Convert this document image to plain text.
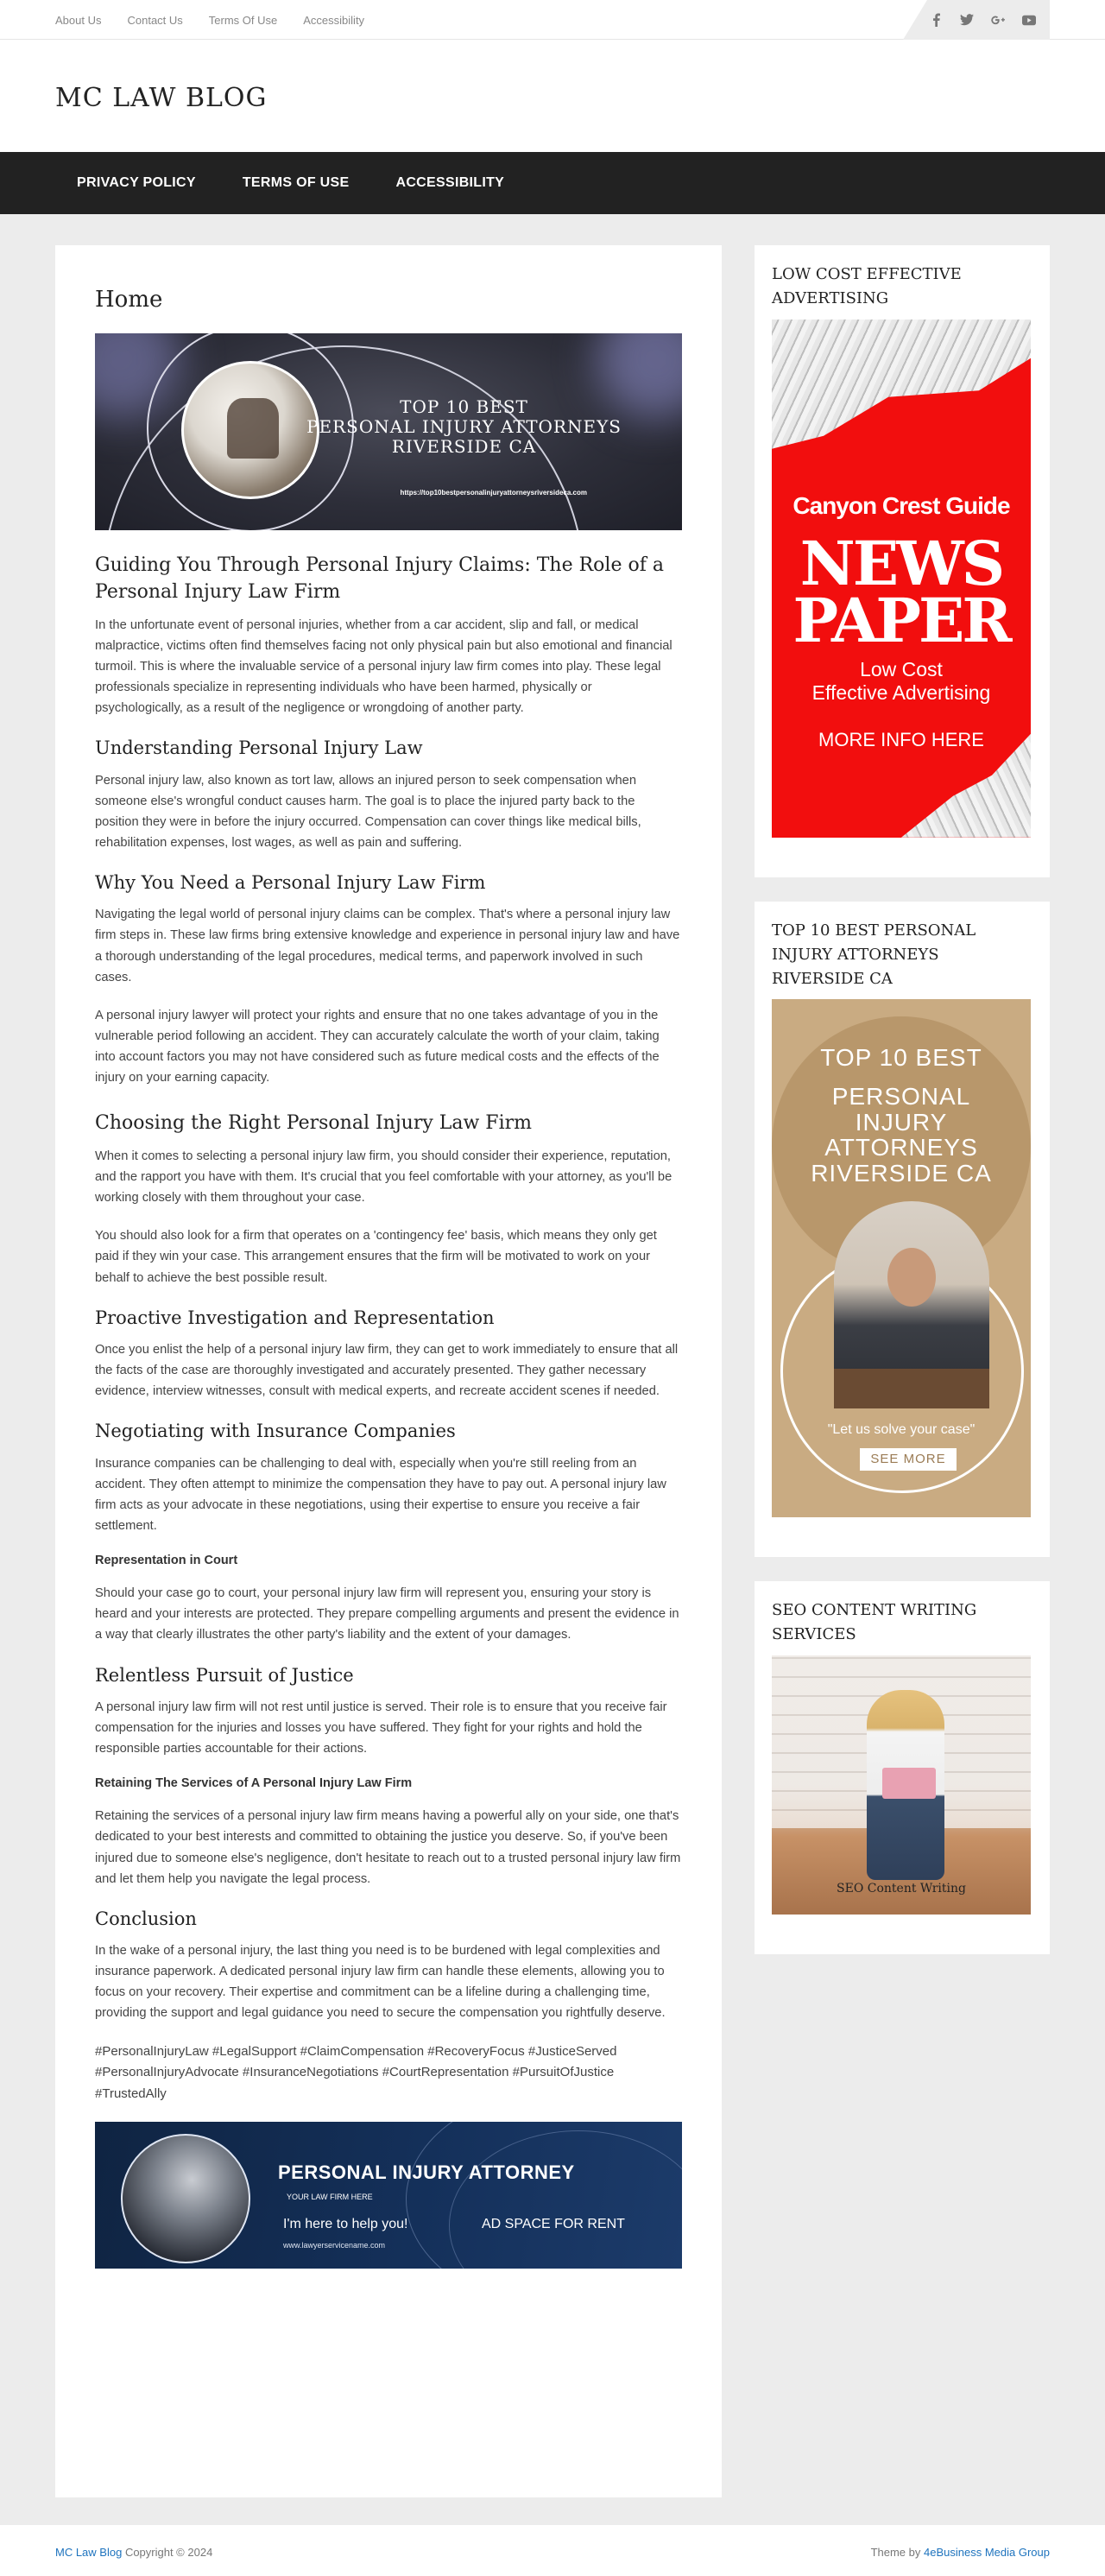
About Us Contact Us Terms Of Use Accessibility
MC LAW BLOG
PRIVACY POLICY	TERMS OF USE	ACCESSIBILITY
Home
TOP 10 BEST
PERSONAL INJURY ATTORNEYS
RIVERSIDE CA
https://top10bestpersonalinjuryattorneysriversideca.com
Guiding You Through Personal Injury Claims: The Role of a Personal Injury Law Firm

In the unfortunate event of personal injuries, whether from a car accident, slip and fall, or medical malpractice, victims often find themselves facing not only physical pain but also emotional and financial turmoil. This is where the invaluable service of a personal injury law firm comes into play. These legal professionals specialize in representing individuals who have been harmed, physically or psychologically, as a result of the negligence or wrongdoing of another party.

Understanding Personal Injury Law

Personal injury law, also known as tort law, allows an injured person to seek compensation when someone else's wrongful conduct causes harm. The goal is to place the injured party back to the position they were in before the injury occurred. Compensation can cover things like medical bills, rehabilitation expenses, lost wages, as well as pain and suffering.

Why You Need a Personal Injury Law Firm

Navigating the legal world of personal injury claims can be complex. That's where a personal injury law firm steps in. These law firms bring extensive knowledge and experience in personal injury law and have a thorough understanding of the legal procedures, medical terms, and paperwork involved in such cases.

A personal injury lawyer will protect your rights and ensure that no one takes advantage of you in the vulnerable period following an accident. They can accurately calculate the worth of your claim, taking into account factors you may not have considered such as future medical costs and the effects of the injury on your earning capacity.

Choosing the Right Personal Injury Law Firm

When it comes to selecting a personal injury law firm, you should consider their experience, reputation, and the rapport you have with them. It's crucial that you feel comfortable with your attorney, as you'll be working closely with them throughout your case.

You should also look for a firm that operates on a 'contingency fee' basis, which means they only get paid if they win your case. This arrangement ensures that the firm will be motivated to work on your behalf to achieve the best possible result.

Proactive Investigation and Representation

Once you enlist the help of a personal injury law firm, they can get to work immediately to ensure that all the facts of the case are thoroughly investigated and accurately presented. They gather necessary evidence, interview witnesses, consult with medical experts, and recreate accident scenes if needed.

Negotiating with Insurance Companies

Insurance companies can be challenging to deal with, especially when you're still reeling from an accident. They often attempt to minimize the compensation they have to pay out. A personal injury law firm acts as your advocate in these negotiations, using their expertise to ensure you receive a fair settlement.

Representation in Court

Should your case go to court, your personal injury law firm will represent you, ensuring your story is heard and your interests are protected. They prepare compelling arguments and present the evidence in a way that clearly illustrates the other party's liability and the extent of your damages.

Relentless Pursuit of Justice

A personal injury law firm will not rest until justice is served. Their role is to ensure that you receive fair compensation for the injuries and losses you have suffered. They fight for your rights and hold the responsible parties accountable for their actions.

Retaining The Services of A Personal Injury Law Firm

Retaining the services of a personal injury law firm means having a powerful ally on your side, one that's dedicated to your best interests and committed to obtaining the justice you deserve. So, if you've been injured due to someone else's negligence, don't hesitate to reach out to a trusted personal injury law firm and let them help you navigate the legal process.

Conclusion

In the wake of a personal injury, the last thing you need is to be burdened with legal complexities and insurance paperwork. A dedicated personal injury law firm can handle these elements, allowing you to focus on your recovery. Their expertise and commitment can be a lifeline during a challenging time, providing the support and legal guidance you need to secure the compensation you rightfully deserve.

#PersonalInjuryLaw #LegalSupport #ClaimCompensation #RecoveryFocus #JusticeServed #PersonalInjuryAdvocate #InsuranceNegotiations #CourtRepresentation #PursuitOfJustice #TrustedAlly

PERSONAL INJURY ATTORNEY
YOUR LAW FIRM HERE
I'm here to help you!	AD SPACE FOR RENT
www.lawyerservicename.com
LOW COST EFFECTIVE ADVERTISING
Canyon Crest Guide
NEWS PAPER
Low Cost
Effective Advertising
MORE INFO HERE
TOP 10 BEST PERSONAL INJURY ATTORNEYS RIVERSIDE CA
TOP 10 BEST
PERSONAL
INJURY
ATTORNEYS
RIVERSIDE CA
"Let us solve your case"
SEE MORE
SEO CONTENT WRITING SERVICES
SEO Content Writing
MC Law Blog Copyright © 2024	Theme by 4eBusiness Media Group
